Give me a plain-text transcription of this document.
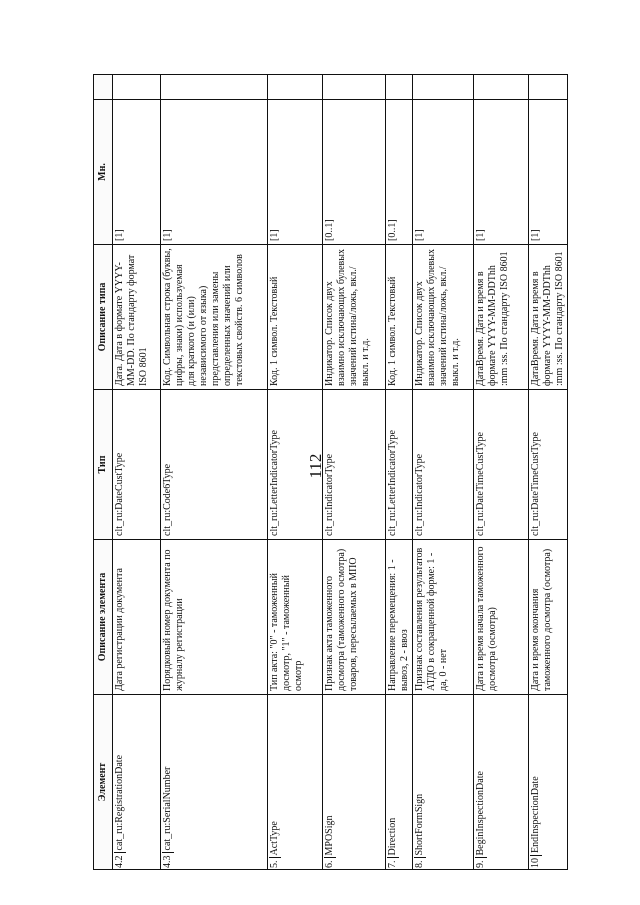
112
Элемент	Описание элемента	Тип	Описание типа	Мн.	
4.2cat_ru:RegistrationDate	Дата регистрации документа	clt_ru:DateCustType	Дата. Дата в формате YYYY-MM-DD. По стандарту формат ISO 8601	[1]	
4.3cat_ru:SerialNumber	Порядковый номер документа по журналу регистрации	clt_ru:Code6Type	Код. Символьная строка (буквы, цифры, знаки) используемая для краткого (и (или) независимого от языка) представления или замены определенных значений или текстовых свойств. 6 символов	[1]	
5.ActType	Тип акта: "0" - таможенный досмотр, "1" - таможенный осмотр	clt_ru:LetterIndicatorType	Код. 1 символ. Текстовый	[1]	
6.MPOSign	Признак акта таможенного досмотра (таможенного осмотра) товаров, пересылаемых в МПО	clt_ru:IndicatorType	Индикатор. Список двух взаимно исключающих булевых значений истина/ложь, вкл./выкл. и т.д.	[0..1]	
7.Direction	Направление перемещения: 1 - вывоз, 2 - ввоз	clt_ru:LetterIndicatorType	Код. 1 символ. Текстовый	[0..1]	
8.ShortFormSign	Признак составления результатов АТДО в сокращенной форме: 1 - да, 0 - нет	clt_ru:IndicatorType	Индикатор. Список двух взаимно исключающих булевых значений истина/ложь, вкл./выкл. и т.д.	[1]	
9.BeginInspectionDate	Дата и время начала таможенного досмотра (осмотра)	clt_ru:DateTimeCustType	ДатаВремя. Дата и время в формате YYYY-MM-DDThh :mm :ss. По стандарту ISO 8601	[1]	
10EndInspectionDate	Дата и время окончания таможенного досмотра (осмотра)	clt_ru:DateTimeCustType	ДатаВремя. Дата и время в формате YYYY-MM-DDThh :mm :ss. По стандарту ISO 8601	[1]	
